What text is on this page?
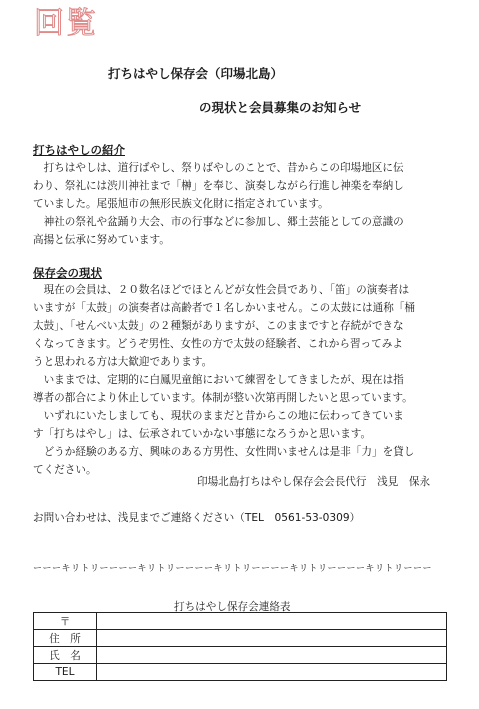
回覧
打ちはやし保存会（印場北島）
の現状と会員募集のお知らせ
打ちはやしの紹介
　打ちはやしは、道行ばやし、祭りばやしのことで、昔からこの印場地区に伝
わり、祭礼には渋川神社まで「榊」を奉じ、演奏しながら行進し神楽を奉納し
ていました。尾張旭市の無形民族文化財に指定されています。
　神社の祭礼や盆踊り大会、市の行事などに参加し、郷土芸能としての意識の
高揚と伝承に努めています。
保存会の現状
　現在の会員は、２０数名ほどでほとんどが女性会員であり、「笛」の演奏者は
いますが「太鼓」の演奏者は高齢者で１名しかいません。この太鼓には通称「桶
太鼓」、「せんべい太鼓」の２種類がありますが、このままですと存続ができな
くなってきます。どうぞ男性、女性の方で太鼓の経験者、これから習ってみよ
うと思われる方は大歓迎であります。
　いままでは、定期的に白鳳児童館において練習をしてきましたが、現在は指
導者の都合により休止しています。体制が整い次第再開したいと思っています。
　いずれにいたしましても、現状のままだと昔からこの地に伝わってきていま
す「打ちはやし」は、伝承されていかない事態になろうかと思います。
　どうか経験のある方、興味のある方男性、女性問いませんは是非「力」を貸し
てください。
印場北島打ちはやし保存会会長代行　浅見　保永
お問い合わせは、浅見までご連絡ください（TEL　0561-53-0309）
ーーーキリトリーーーーキリトリーーーーキリトリーーーーキリトリーーーーキリトリーーー
打ちはやし保存会連絡表
〒	
住　所	
氏　名	
TEL	
